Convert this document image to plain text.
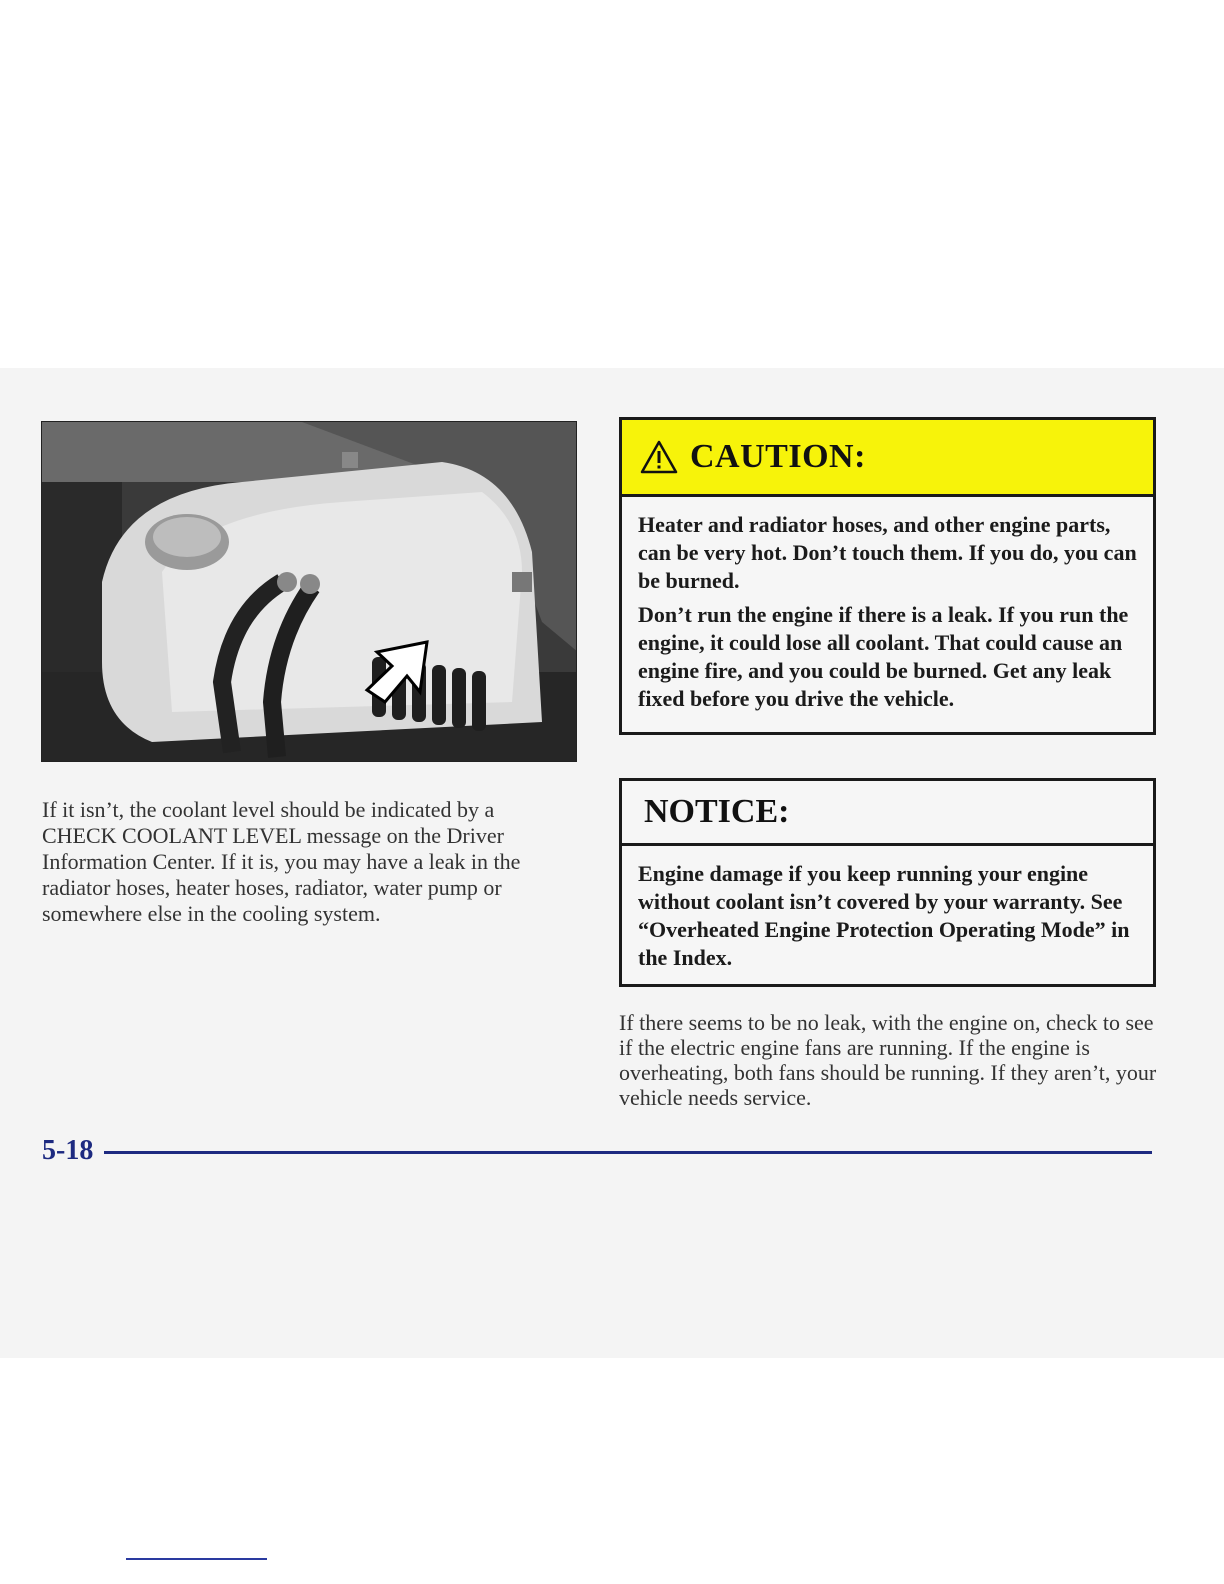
If it isn’t, the coolant level should be indicated by a CHECK COOLANT LEVEL message on the Driver Information Center. If it is, you may have a leak in the radiator hoses, heater hoses, radiator, water pump or somewhere else in the cooling system.
CAUTION:

Heater and radiator hoses, and other engine parts, can be very hot. Don’t touch them. If you do, you can be burned.

Don’t run the engine if there is a leak. If you run the engine, it could lose all coolant. That could cause an engine fire, and you could be burned. Get any leak fixed before you drive the vehicle.

NOTICE:

Engine damage if you keep running your engine without coolant isn’t covered by your warranty. See “Overheated Engine Protection Operating Mode” in the Index.

If there seems to be no leak, with the engine on, check to see if the electric engine fans are running. If the engine is overheating, both fans should be running. If they aren’t, your vehicle needs service.
5-18
